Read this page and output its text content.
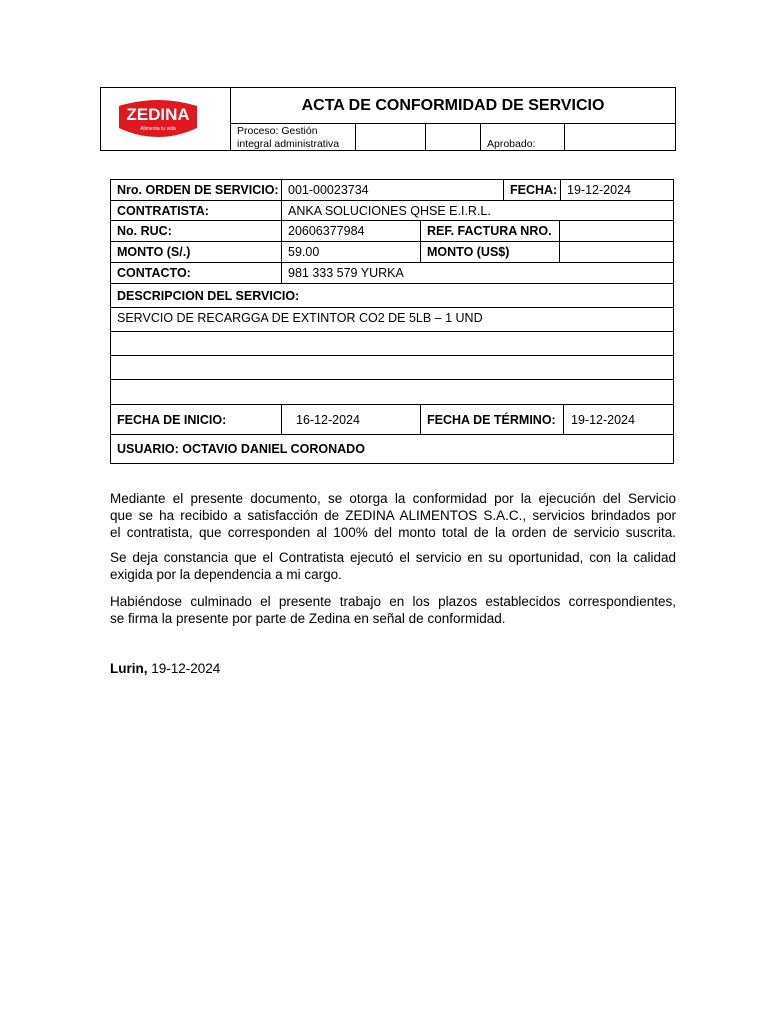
ZEDINA
Alimenta tu vida
ACTA DE CONFORMIDAD DE SERVICIO
Proceso: Gestión
integral administrativa	Aprobado:
Nro. ORDEN DE SERVICIO: 001-00023734	FECHA: 19-12-2024
CONTRATISTA:	ANKA SOLUCIONES QHSE E.I.R.L.
No. RUC:	20606377984	REF. FACTURA NRO.
MONTO (S/.)	59.00	MONTO (US$)
CONTACTO:	981 333 579 YURKA
DESCRIPCION DEL SERVICIO:
SERVCIO DE RECARGGA DE EXTINTOR CO2 DE 5LB – 1 UND
FECHA DE INICIO:	16-12-2024	FECHA DE TÉRMINO:	19-12-2024
USUARIO: OCTAVIO DANIEL CORONADO
Mediante el presente documento, se otorga la conformidad por la ejecución del Servicio
que se ha recibido a satisfacción de ZEDINA ALIMENTOS S.A.C., servicios brindados por
el contratista, que corresponden al 100% del monto total de la orden de servicio suscrita.
Se deja constancia que el Contratista ejecutó el servicio en su oportunidad, con la calidad
exigida por la dependencia a mi cargo.
Habiéndose culminado el presente trabajo en los plazos establecidos correspondientes,
se firma la presente por parte de Zedina en señal de conformidad.
Lurin, 19-12-2024
